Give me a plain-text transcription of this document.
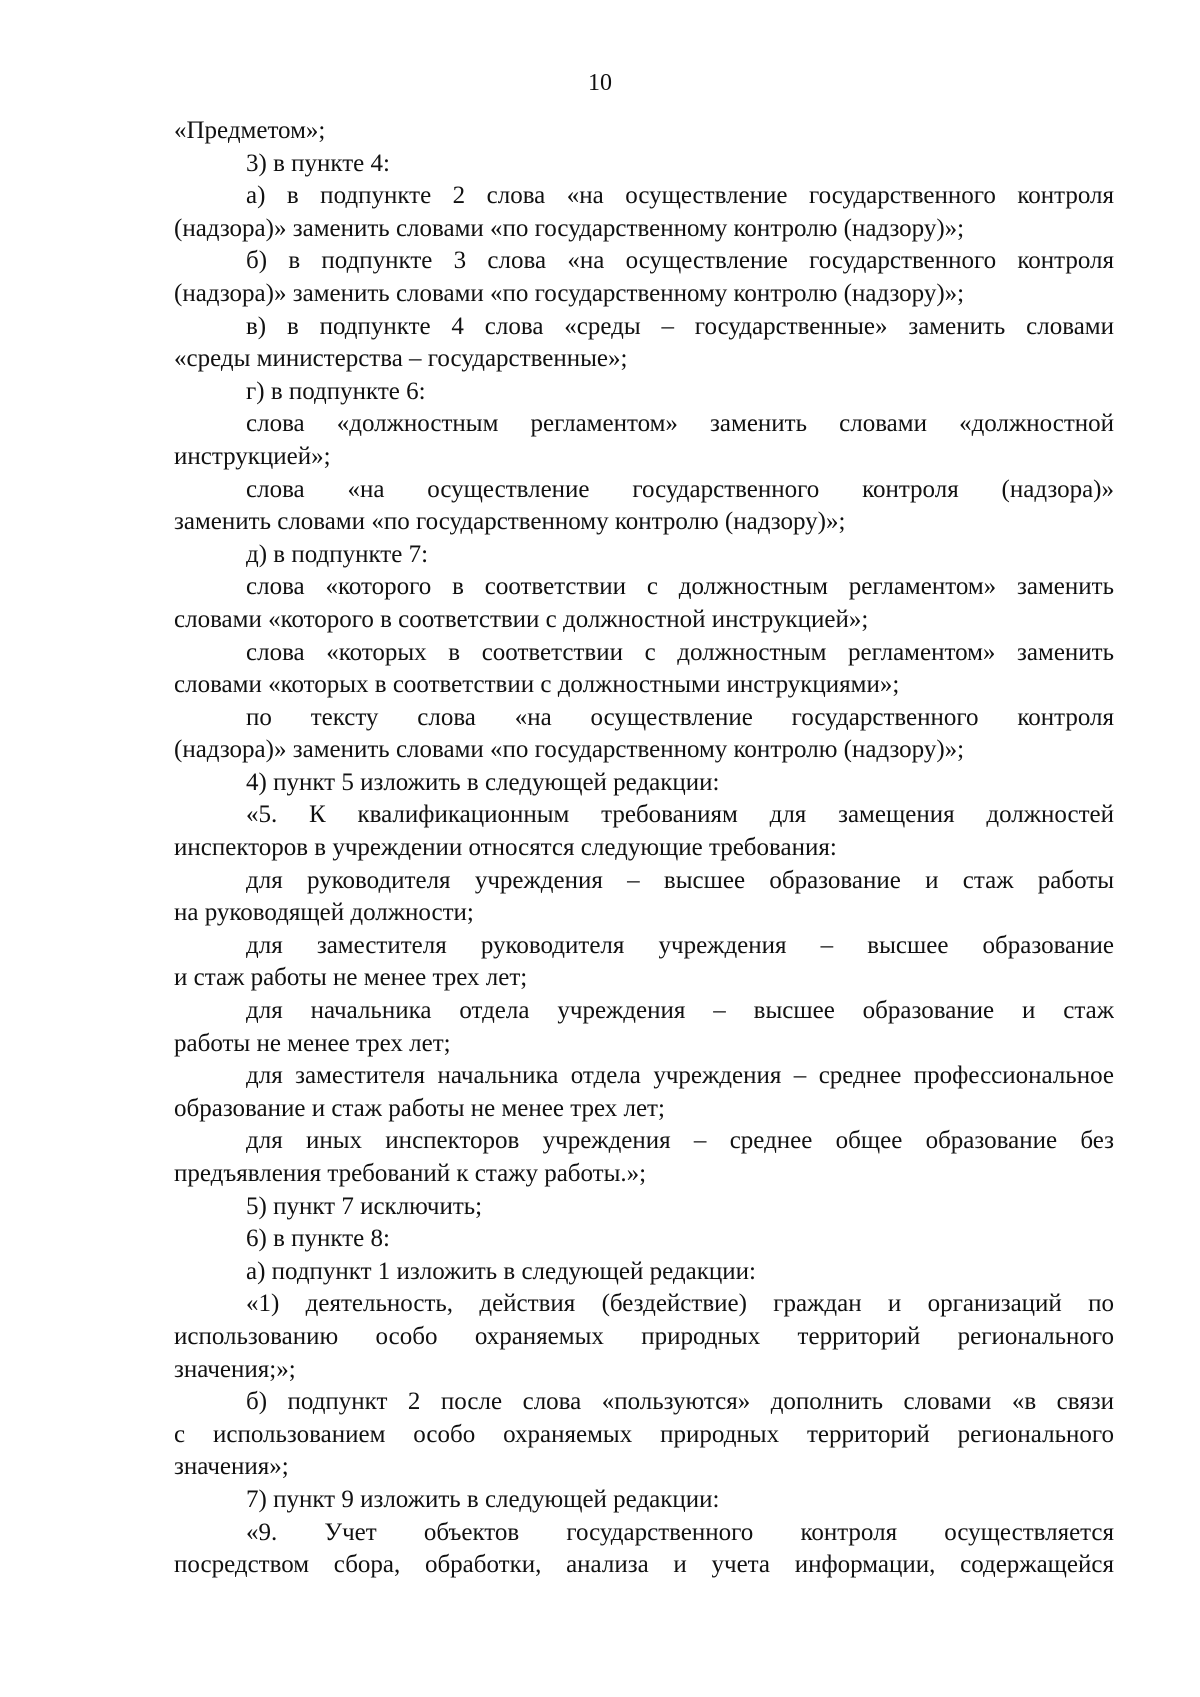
10
«Предметом»;
3) в пункте 4:
а) в подпункте 2 слова «на осуществление государственного контроля
(надзора)» заменить словами «по государственному контролю (надзору)»;
б) в подпункте 3 слова «на осуществление государственного контроля
(надзора)» заменить словами «по государственному контролю (надзору)»;
в) в подпункте 4 слова «среды – государственные» заменить словами
«среды министерства – государственные»;
г) в подпункте 6:
слова «должностным регламентом» заменить словами «должностной
инструкцией»;
слова «на осуществление государственного контроля (надзора)»
заменить словами «по государственному контролю (надзору)»;
д) в подпункте 7:
слова «которого в соответствии с должностным регламентом» заменить
словами «которого в соответствии с должностной инструкцией»;
слова «которых в соответствии с должностным регламентом» заменить
словами «которых в соответствии с должностными инструкциями»;
по тексту слова «на осуществление государственного контроля
(надзора)» заменить словами «по государственному контролю (надзору)»;
4) пункт 5 изложить в следующей редакции:
«5. К квалификационным требованиям для замещения должностей
инспекторов в учреждении относятся следующие требования:
для руководителя учреждения – высшее образование и стаж работы
на руководящей должности;
для заместителя руководителя учреждения – высшее образование
и стаж работы не менее трех лет;
для начальника отдела учреждения – высшее образование и стаж
работы не менее трех лет;
для заместителя начальника отдела учреждения – среднее профессиональное
образование и стаж работы не менее трех лет;
для иных инспекторов учреждения – среднее общее образование без
предъявления требований к стажу работы.»;
5) пункт 7 исключить;
6) в пункте 8:
а) подпункт 1 изложить в следующей редакции:
«1) деятельность, действия (бездействие) граждан и организаций по
использованию особо охраняемых природных территорий регионального
значения;»;
б) подпункт 2 после слова «пользуются» дополнить словами «в связи
с использованием особо охраняемых природных территорий регионального
значения»;
7) пункт 9 изложить в следующей редакции:
«9. Учет объектов государственного контроля осуществляется
посредством сбора, обработки, анализа и учета информации, содержащейся
